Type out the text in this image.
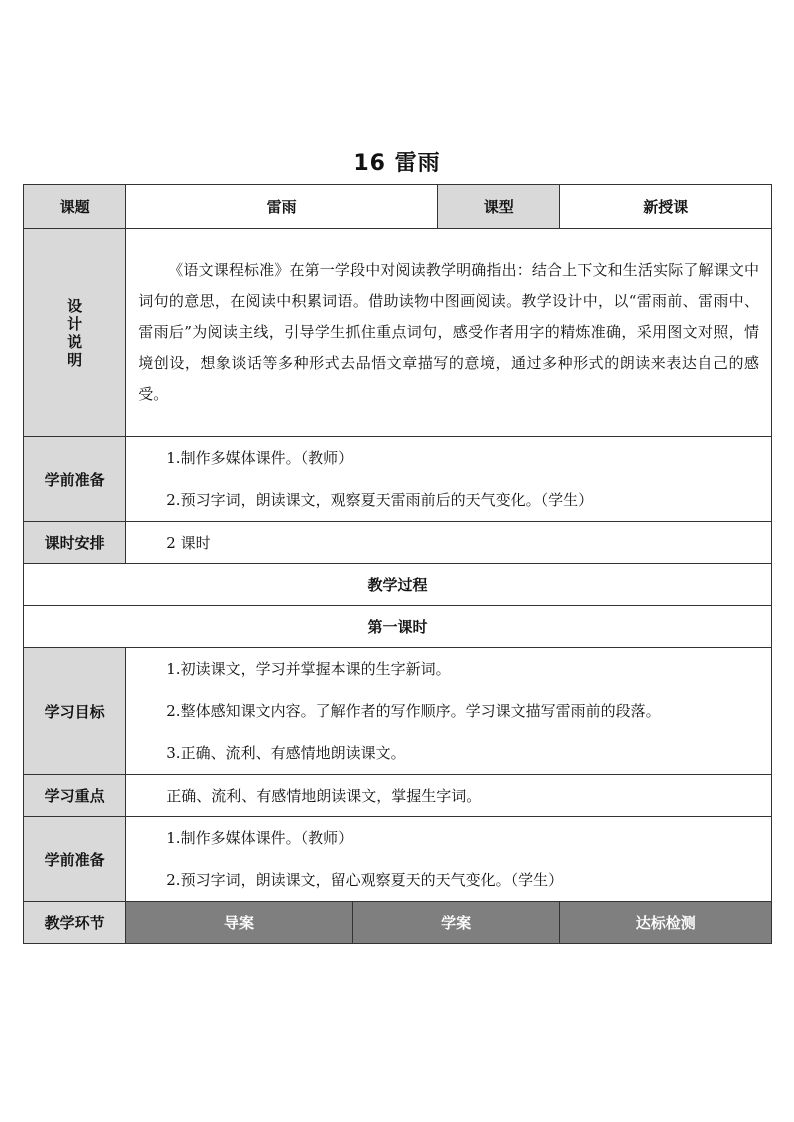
16 雷雨
课题	雷雨		课型	新授课
设计说明	《语文课程标准》在第一学段中对阅读教学明确指出：结合上下文和生活实际了解课文中词句的意思，在阅读中积累词语。借助读物中图画阅读。教学设计中，以“雷雨前、雷雨中、雷雨后”为阅读主线，引导学生抓住重点词句，感受作者用字的精炼准确，采用图文对照，情境创设，想象谈话等多种形式去品悟文章描写的意境，通过多种形式的朗读来表达自己的感受。			
学前准备	1.制作多媒体课件。（教师）

2.预习字词，朗读课文，观察夏天雷雨前后的天气变化。（学生）			

课时安排	2 课时			
教学过程				
第一课时				
学习目标	1.初读课文，学习并掌握本课的生字新词。

2.整体感知课文内容。了解作者的写作顺序。学习课文描写雷雨前的段落。

3.正确、流利、有感情地朗读课文。			

学习重点	正确、流利、有感情地朗读课文，掌握生字词。			
学前准备	1.制作多媒体课件。（教师）

2.预习字词，朗读课文，留心观察夏天的天气变化。（学生）			

教学环节	导案	学案		达标检测
